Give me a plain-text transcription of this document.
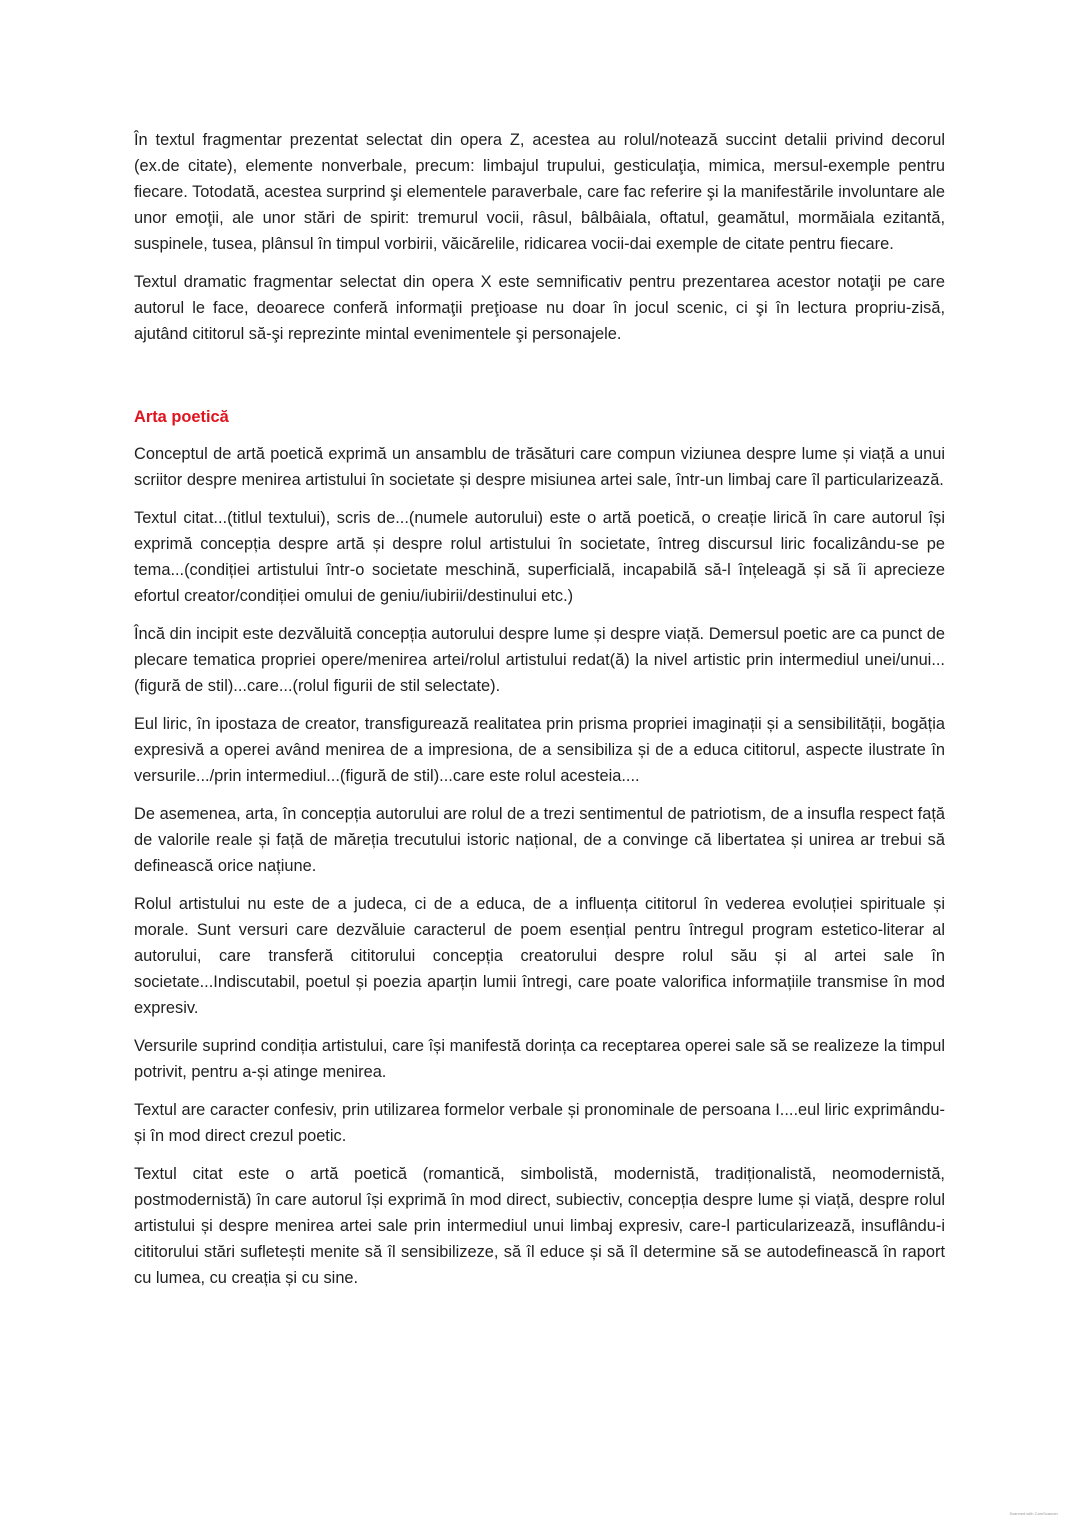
În textul fragmentar prezentat selectat din opera Z, acestea au rolul/notează succint detalii privind decorul (ex.de citate), elemente nonverbale, precum: limbajul trupului, gesticulaţia, mimica, mersul-exemple pentru fiecare. Totodată, acestea surprind şi elementele paraverbale, care fac referire şi la manifestările involuntare ale unor emoţii, ale unor stări de spirit: tremurul vocii, râsul, bâlbâiala, oftatul, geamătul, mormăiala ezitantă, suspinele, tusea, plânsul în timpul vorbirii, văicărelile, ridicarea vocii-dai exemple de citate pentru fiecare.

Textul dramatic fragmentar selectat din opera X este semnificativ pentru prezentarea acestor notaţii pe care autorul le face, deoarece conferă informaţii preţioase nu doar în jocul scenic, ci şi în lectura propriu-zisă, ajutând cititorul să-şi reprezinte mintal evenimentele şi personajele.

Arta poetică

Conceptul de artă poetică exprimă un ansamblu de trăsături care compun viziunea despre lume și viață a unui scriitor despre menirea artistului în societate și despre misiunea artei sale, într-un limbaj care îl particularizează.

Textul citat...(titlul textului), scris de...(numele autorului) este o artă poetică, o creație lirică în care autorul își exprimă concepția despre artă și despre rolul artistului în societate, întreg discursul liric focalizându-se pe tema...(condiției artistului într-o societate meschină, superficială, incapabilă să-l înțeleagă și să îi aprecieze efortul creator/condiției omului de geniu/iubirii/destinului etc.)

Încă din incipit este dezvăluită concepția autorului despre lume și despre viață. Demersul poetic are ca punct de plecare tematica propriei opere/menirea artei/rolul artistului redat(ă) la nivel artistic prin intermediul unei/unui...(figură de stil)...care...(rolul figurii de stil selectate).

Eul liric, în ipostaza de creator, transfigurează realitatea prin prisma propriei imaginații și a sensibilității, bogăția expresivă a operei având menirea de a impresiona, de a sensibiliza și de a educa cititorul, aspecte ilustrate în versurile.../prin intermediul...(figură de stil)...care este rolul acesteia....

De asemenea, arta, în concepția autorului are rolul de a trezi sentimentul de patriotism, de a insufla respect față de valorile reale și față de măreția trecutului istoric național, de a convinge că libertatea și unirea ar trebui să definească orice națiune.

Rolul artistului nu este de a judeca, ci de a educa, de a influența cititorul în vederea evoluției spirituale și morale. Sunt versuri care dezvăluie caracterul de poem esențial pentru întregul program estetico-literar al autorului, care transferă cititorului concepția creatorului despre rolul său și al artei sale în societate...Indiscutabil, poetul și poezia aparțin lumii întregi, care poate valorifica informațiile transmise în mod expresiv.

Versurile suprind condiția artistului, care își manifestă dorința ca receptarea operei sale să se realizeze la timpul potrivit, pentru a-și atinge menirea.

Textul are caracter confesiv, prin utilizarea formelor verbale și pronominale de persoana I....eul liric exprimându-și în mod direct crezul poetic.

Textul citat este o artă poetică (romantică, simbolistă, modernistă, tradiționalistă, neomodernistă, postmodernistă) în care autorul își exprimă în mod direct, subiectiv, concepția despre lume și viață, despre rolul artistului și despre menirea artei sale prin intermediul unui limbaj expresiv, care-l particularizează, insuflându-i cititorului stări sufletești menite să îl sensibilizeze, să îl educe și să îl determine să se autodefinească în raport cu lumea, cu creația și cu sine.

Scanned with CamScanner
